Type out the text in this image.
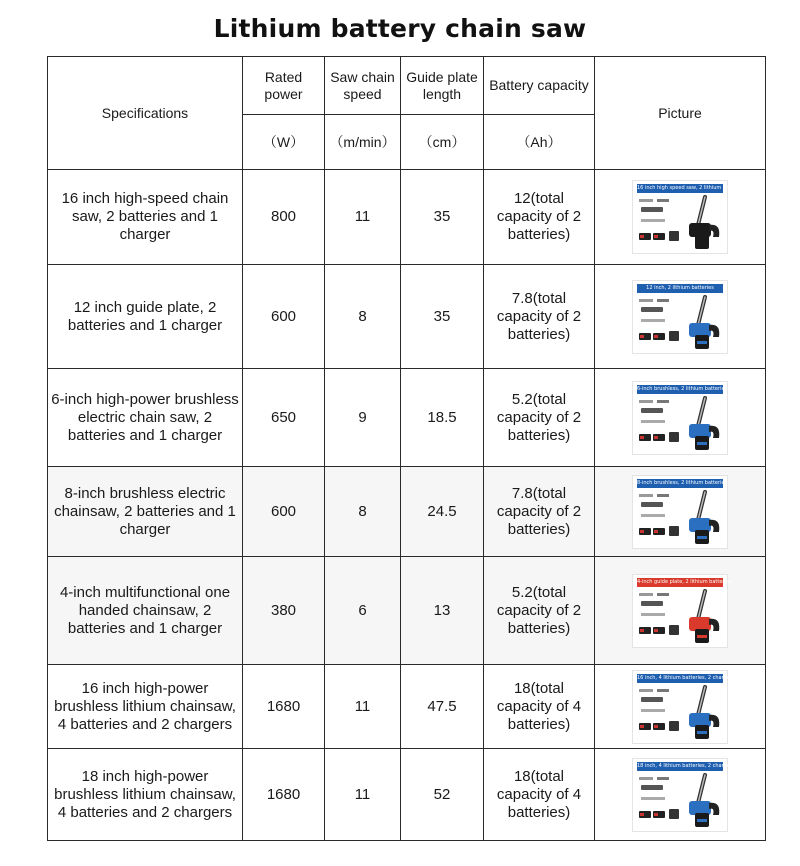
Lithium battery chain saw
Specifications	Rated power	Saw chain speed	Guide plate length	Battery capacity	Picture
	（W）	（m/min）	（cm）	（Ah）	
16 inch high-speed chain saw, 2 batteries and 1 charger	800	11	35	12(total capacity of 2 batteries)	16 inch high speed saw, 2 lithium batteries

12 inch guide plate, 2 batteries and 1 charger	600	8	35	7.8(total capacity of 2 batteries)	12 inch, 2 lithium batteries

6-inch high-power brushless electric chain saw, 2 batteries and 1 charger	650	9	18.5	5.2(total capacity of 2 batteries)	6-inch brushless, 2 lithium batteries

8-inch brushless electric chainsaw, 2 batteries and 1 charger	600	8	24.5	7.8(total capacity of 2 batteries)	8-inch brushless, 2 lithium batteries

4-inch multifunctional one handed chainsaw, 2 batteries and 1 charger	380	6	13	5.2(total capacity of 2 batteries)	4-inch guide plate, 2 lithium batteries

16 inch high-power brushless lithium chainsaw, 4 batteries and 2 chargers	1680	11	47.5	18(total capacity of 4 batteries)	16 inch, 4 lithium batteries, 2 chargers

18 inch high-power brushless lithium chainsaw, 4 batteries and 2 chargers	1680	11	52	18(total capacity of 4 batteries)	18 inch, 4 lithium batteries, 2 chargers
